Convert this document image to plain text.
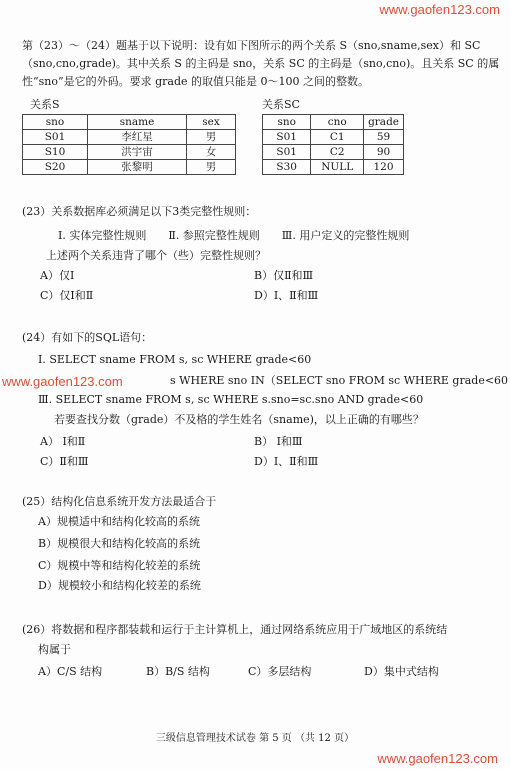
www.gaofen123.com
第（23）～（24）题基于以下说明：设有如下图所示的两个关系 S（sno,sname,sex）和 SC
（sno,cno,grade)。其中关系 S 的主码是 sno，关系 SC 的主码是（sno,cno)。且关系 SC 的属
性“sno”是它的外码。要求 grade 的取值只能是 0～100 之间的整数。
关系S
sno	sname	sex
S01	李红星	男
S10	洪宇宙	女
S20	张黎明	男
关系SC
sno	cno	grade
S01	C1	59
S01	C2	90
S30	NULL	120
(23）关系数据库必须满足以下3类完整性规则：
Ⅰ. 实体完整性规则　　Ⅱ. 参照完整性规则　　Ⅲ. 用户定义的完整性规则
上述两个关系违背了哪个（些）完整性规则？
A）仅Ⅰ	B）仅Ⅱ和Ⅲ
C）仅Ⅰ和Ⅱ	D）Ⅰ、Ⅱ和Ⅲ
(24）有如下的SQL语句：
Ⅰ. SELECT sname FROM s, sc WHERE grade<60
www.gaofen123.com	s WHERE sno IN（SELECT sno FROM sc WHERE grade<60
Ⅲ. SELECT sname FROM s, sc WHERE s.sno=sc.sno AND grade<60
若要查找分数（grade）不及格的学生姓名（sname)，以上正确的有哪些？
A） Ⅰ和Ⅱ	B） Ⅰ和Ⅲ
C）Ⅱ和Ⅲ	D）Ⅰ、Ⅱ和Ⅲ
(25）结构化信息系统开发方法最适合于
A）规模适中和结构化较高的系统
B）规模很大和结构化较高的系统
C）规模中等和结构化较差的系统
D）规模较小和结构化较差的系统
(26）将数据和程序都装载和运行于主计算机上，通过网络系统应用于广域地区的系统结
构属于
A）C/S 结构	B）B/S 结构	C）多层结构	D）集中式结构
三级信息管理技术试卷 第 5 页 （共 12 页）
www.gaofen123.com
